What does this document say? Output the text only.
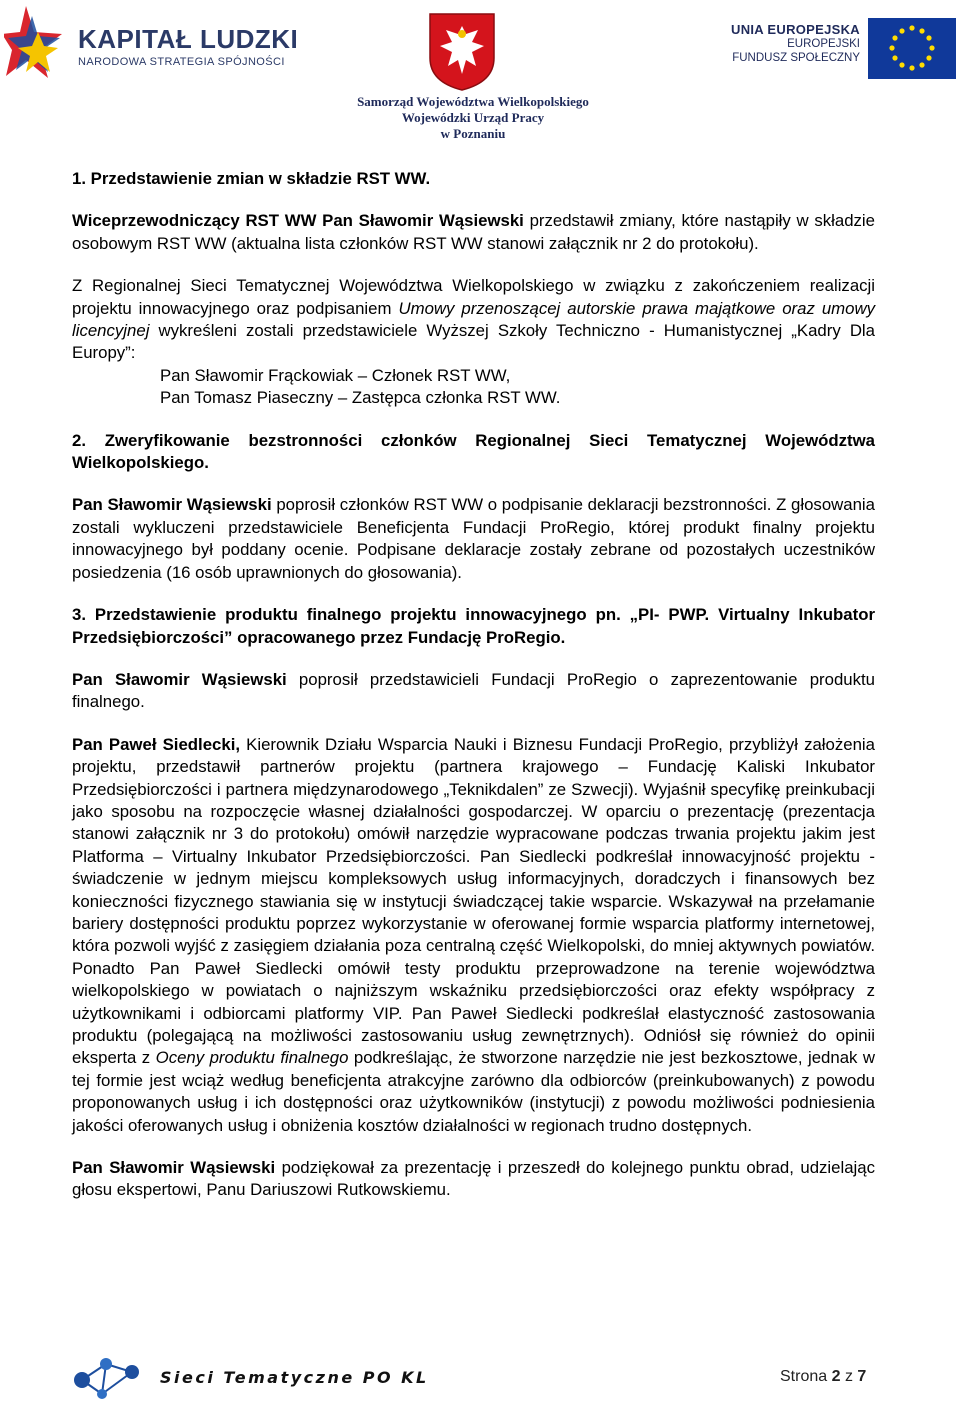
KAPITAŁ LUDZKI
NARODOWA STRATEGIA SPÓJNOŚCI
Samorząd Województwa Wielkopolskiego
Wojewódzki Urząd Pracy
w Poznaniu
UNIA EUROPEJSKA
EUROPEJSKI
FUNDUSZ SPOŁECZNY

1. Przedstawienie zmian w składzie RST WW.

Wiceprzewodniczący RST WW Pan Sławomir Wąsiewski przedstawił zmiany, które nastąpiły w składzie osobowym RST WW (aktualna lista członków RST WW stanowi załącznik nr 2 do protokołu).

Z Regionalnej Sieci Tematycznej Województwa Wielkopolskiego w związku z zakończeniem realizacji projektu innowacyjnego oraz podpisaniem Umowy przenoszącej autorskie prawa majątkowe oraz umowy licencyjnej wykreśleni zostali przedstawiciele Wyższej Szkoły Techniczno - Humanistycznej „Kadry Dla Europy”:

Pan Sławomir Frąckowiak – Członek RST WW,

Pan Tomasz Piaseczny – Zastępca członka RST WW.

2. Zweryfikowanie bezstronności członków Regionalnej Sieci Tematycznej Województwa Wielkopolskiego.

Pan Sławomir Wąsiewski poprosił członków RST WW o podpisanie deklaracji bezstronności. Z głosowania zostali wykluczeni przedstawiciele Beneficjenta Fundacji ProRegio, której produkt finalny projektu innowacyjnego był poddany ocenie. Podpisane deklaracje zostały zebrane od pozostałych uczestników posiedzenia (16 osób uprawnionych do głosowania).

3. Przedstawienie produktu finalnego projektu innowacyjnego pn. „PI- PWP. Virtualny Inkubator Przedsiębiorczości” opracowanego przez Fundację ProRegio.

Pan Sławomir Wąsiewski poprosił przedstawicieli Fundacji ProRegio o zaprezentowanie produktu finalnego.

Pan Paweł Siedlecki, Kierownik Działu Wsparcia Nauki i Biznesu Fundacji ProRegio, przybliżył założenia projektu, przedstawił partnerów projektu (partnera krajowego – Fundację Kaliski Inkubator Przedsiębiorczości i partnera międzynarodowego „Teknikdalen” ze Szwecji). Wyjaśnił specyfikę preinkubacji jako sposobu na rozpoczęcie własnej działalności gospodarczej. W oparciu o prezentację (prezentacja stanowi załącznik nr 3 do protokołu) omówił narzędzie wypracowane podczas trwania projektu jakim jest Platforma – Virtualny Inkubator Przedsiębiorczości. Pan Siedlecki podkreślał innowacyjność projektu - świadczenie w jednym miejscu kompleksowych usług informacyjnych, doradczych i finansowych bez konieczności fizycznego stawiania się w instytucji świadczącej takie wsparcie. Wskazywał na przełamanie bariery dostępności produktu poprzez wykorzystanie w oferowanej formie wsparcia platformy internetowej, która pozwoli wyjść z zasięgiem działania poza centralną część Wielkopolski, do mniej aktywnych powiatów. Ponadto Pan Paweł Siedlecki omówił testy produktu przeprowadzone na terenie województwa wielkopolskiego w powiatach o najniższym wskaźniku przedsiębiorczości oraz efekty współpracy z użytkownikami i odbiorcami platformy VIP. Pan Paweł Siedlecki podkreślał elastyczność zastosowania produktu (polegającą na możliwości zastosowaniu usług zewnętrznych). Odniósł się również do opinii eksperta z Oceny produktu finalnego podkreślając, że stworzone narzędzie nie jest bezkosztowe, jednak w tej formie jest wciąż według beneficjenta atrakcyjne zarówno dla odbiorców (preinkubowanych) z powodu proponowanych usług i ich dostępności oraz użytkowników (instytucji) z powodu możliwości podniesienia jakości oferowanych usług i obniżenia kosztów działalności w regionach trudno dostępnych.

Pan Sławomir Wąsiewski podziękował za prezentację i przeszedł do kolejnego punktu obrad, udzielając głosu ekspertowi, Panu Dariuszowi Rutkowskiemu.

Sieci Tematyczne PO KL	Strona 2 z 7
